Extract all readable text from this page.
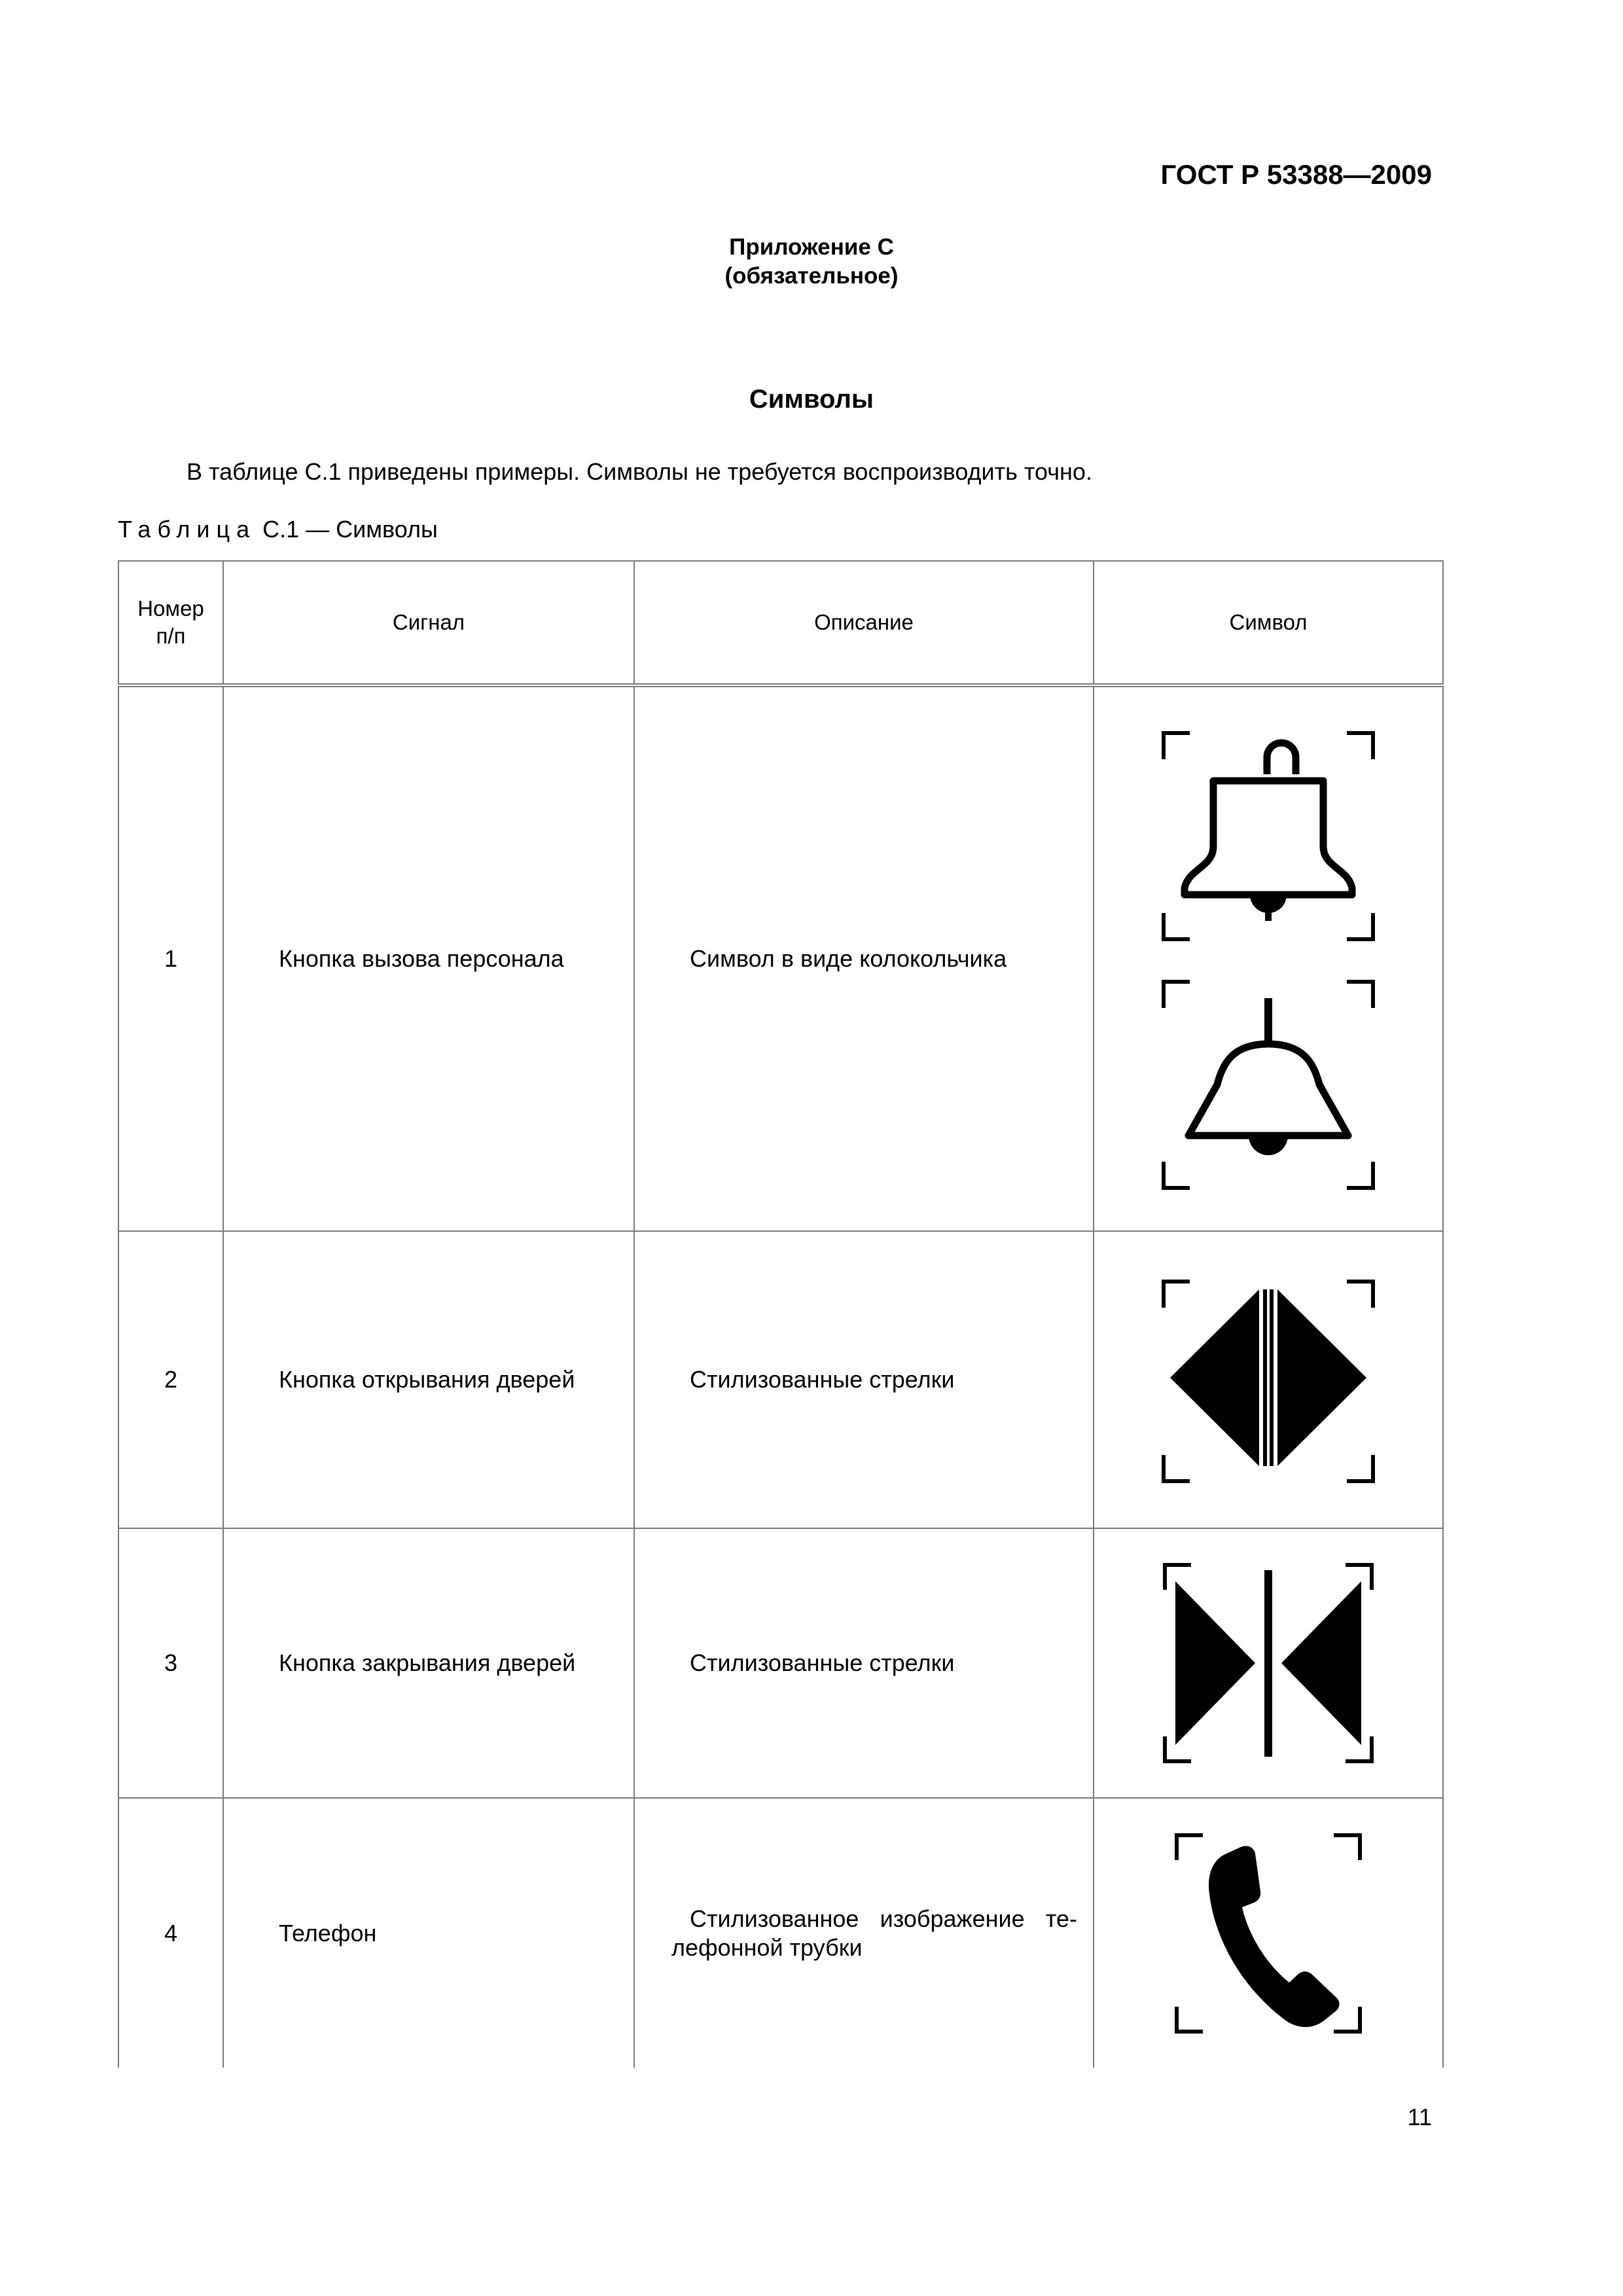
ГОСТ Р 53388—2009
Приложение С
(обязательное)
Символы
В таблице С.1 приведены примеры. Символы не требуется воспроизводить точно.
Таблица С.1 — Символы
Номер
п/п	Сигнал	Описание	Символ
1	Кнопка вызова персонала	Символ в виде колокольчика	

2	Кнопка открывания дверей	Стилизованные стрелки	

3	Кнопка закрывания дверей	Стилизованные стрелки	

4	Телефон	Стилизованное изображение те-
лефонной трубки	
11
